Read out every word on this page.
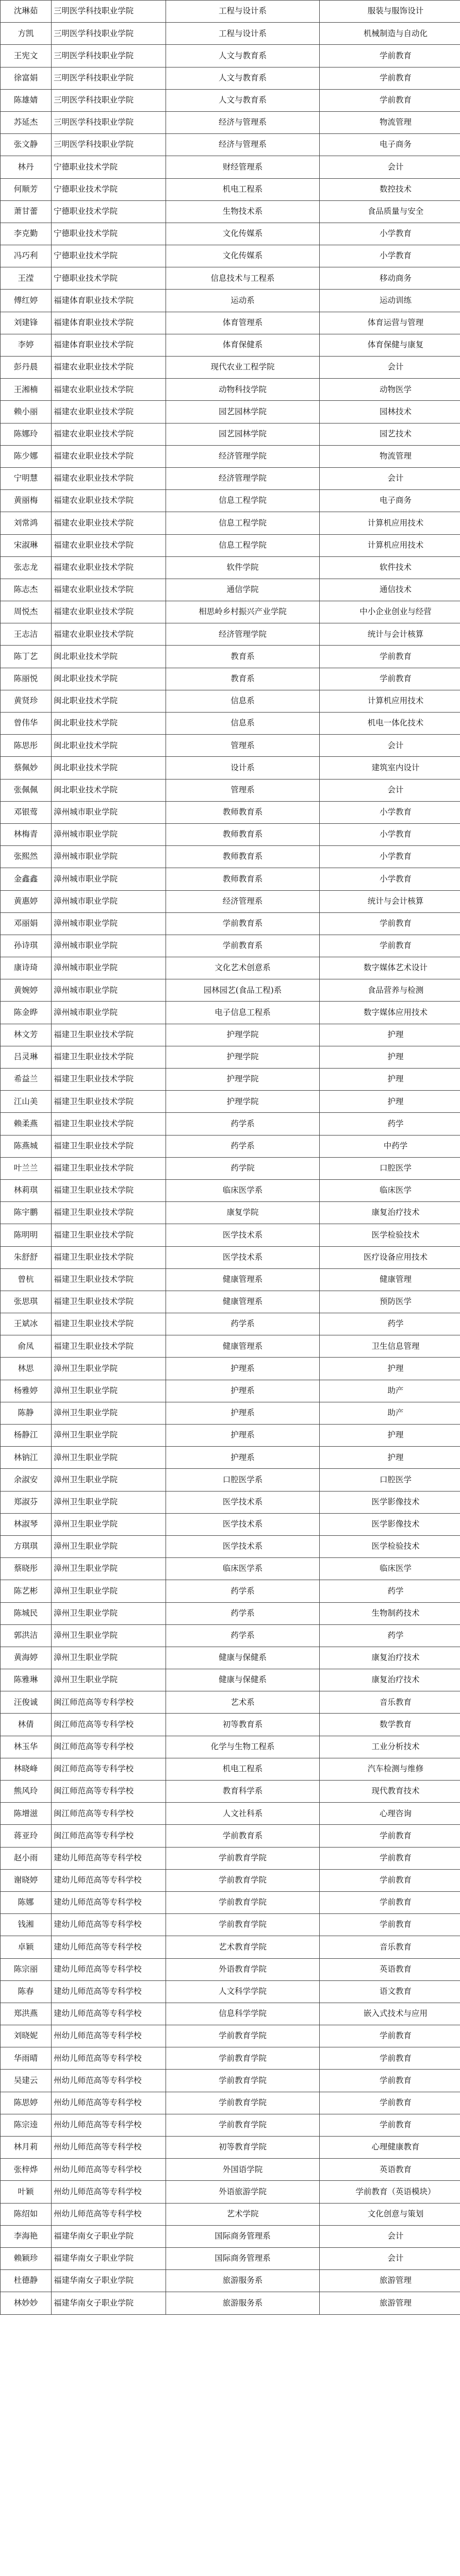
沈琳茹	三明医学科技职业学院	工程与设计系	服装与服饰设计
方凯	三明医学科技职业学院	工程与设计系	机械制造与自动化
王宪文	三明医学科技职业学院	人文与教育系	学前教育
徐富娟	三明医学科技职业学院	人文与教育系	学前教育
陈雄婧	三明医学科技职业学院	人文与教育系	学前教育
苏延杰	三明医学科技职业学院	经济与管理系	物流管理
张文静	三明医学科技职业学院	经济与管理系	电子商务
林丹	宁德职业技术学院	财经管理系	会计
何顺芳	宁德职业技术学院	机电工程系	数控技术
萧甘蕾	宁德职业技术学院	生物技术系	食品质量与安全
李克勤	宁德职业技术学院	文化传媒系	小学教育
冯巧利	宁德职业技术学院	文化传媒系	小学教育
王滢	宁德职业技术学院	信息技术与工程系	移动商务
傅红婷	福建体育职业技术学院	运动系	运动训练
刘建锋	福建体育职业技术学院	体育管理系	体育运营与管理
李婷	福建体育职业技术学院	体育保健系	体育保健与康复
彭丹晨	福建农业职业技术学院	现代农业工程学院	会计
王湘楠	福建农业职业技术学院	动物科技学院	动物医学
赖小丽	福建农业职业技术学院	园艺园林学院	园林技术
陈娜玲	福建农业职业技术学院	园艺园林学院	园艺技术
陈少娜	福建农业职业技术学院	经济管理学院	物流管理
宁明慧	福建农业职业技术学院	经济管理学院	会计
黄丽梅	福建农业职业技术学院	信息工程学院	电子商务
刘常鸿	福建农业职业技术学院	信息工程学院	计算机应用技术
宋淑琳	福建农业职业技术学院	信息工程学院	计算机应用技术
张志龙	福建农业职业技术学院	软件学院	软件技术
陈志杰	福建农业职业技术学院	通信学院	通信技术
周悦杰	福建农业职业技术学院	相思岭乡村振兴产业学院	中小企业创业与经营
王志洁	福建农业职业技术学院	经济管理学院	统计与会计核算
陈丁艺	闽北职业技术学院	教育系	学前教育
陈丽悦	闽北职业技术学院	教育系	学前教育
黄贤珍	闽北职业技术学院	信息系	计算机应用技术
曾伟华	闽北职业技术学院	信息系	机电一体化技术
陈思彤	闽北职业技术学院	管理系	会计
蔡佩妙	闽北职业技术学院	设计系	建筑室内设计
张佩佩	闽北职业技术学院	管理系	会计
邓银莺	漳州城市职业学院	教师教育系	小学教育
林梅青	漳州城市职业学院	教师教育系	小学教育
张熙然	漳州城市职业学院	教师教育系	小学教育
金鑫鑫	漳州城市职业学院	教师教育系	小学教育
黄惠婷	漳州城市职业学院	经济管理系	统计与会计核算
邓丽娟	漳州城市职业学院	学前教育系	学前教育
孙诗琪	漳州城市职业学院	学前教育系	学前教育
康诗琦	漳州城市职业学院	文化艺术创意系	数字媒体艺术设计
黄婉婷	漳州城市职业学院	园林园艺(食品工程)系	食品营养与检测
陈金晔	漳州城市职业学院	电子信息工程系	数字媒体应用技术
林文芳	福建卫生职业技术学院	护理学院	护理
吕灵琳	福建卫生职业技术学院	护理学院	护理
希益兰	福建卫生职业技术学院	护理学院	护理
江山美	福建卫生职业技术学院	护理学院	护理
赖柔燕	福建卫生职业技术学院	药学系	药学
陈燕城	福建卫生职业技术学院	药学系	中药学
叶兰兰	福建卫生职业技术学院	药学院	口腔医学
林莉琪	福建卫生职业技术学院	临床医学系	临床医学
陈宇鹏	福建卫生职业技术学院	康复学院	康复治疗技术
陈明明	福建卫生职业技术学院	医学技术系	医学检验技术
朱舒舒	福建卫生职业技术学院	医学技术系	医疗设备应用技术
曾杭	福建卫生职业技术学院	健康管理系	健康管理
张思琪	福建卫生职业技术学院	健康管理系	预防医学
王斌冰	福建卫生职业技术学院	药学系	药学
俞凤	福建卫生职业技术学院	健康管理系	卫生信息管理
林思	漳州卫生职业学院	护理系	护理
杨雅婷	漳州卫生职业学院	护理系	助产
陈静	漳州卫生职业学院	护理系	助产
杨静江	漳州卫生职业学院	护理系	护理
林钠江	漳州卫生职业学院	护理系	护理
余淑安	漳州卫生职业学院	口腔医学系	口腔医学
郑淑芬	漳州卫生职业学院	医学技术系	医学影像技术
林淑琴	漳州卫生职业学院	医学技术系	医学影像技术
方琪琪	漳州卫生职业学院	医学技术系	医学检验技术
蔡晓彤	漳州卫生职业学院	临床医学系	临床医学
陈艺彬	漳州卫生职业学院	药学系	药学
陈城民	漳州卫生职业学院	药学系	生物制药技术
郭洪洁	漳州卫生职业学院	药学系	药学
黄海婷	漳州卫生职业学院	健康与保健系	康复治疗技术
陈雅琳	漳州卫生职业学院	健康与保健系	康复治疗技术
汪俊诚	闽江师范高等专科学校	艺术系	音乐教育
林倩	闽江师范高等专科学校	初等教育系	数学教育
林玉华	闽江师范高等专科学校	化学与生物工程系	工业分析技术
林晓峰	闽江师范高等专科学校	机电工程系	汽车检测与维修
熊风玲	闽江师范高等专科学校	教育科学系	现代教育技术
陈增滋	闽江师范高等专科学校	人文社科系	心理咨询
蒋亚玲	闽江师范高等专科学校	学前教育系	学前教育
赵小雨	建幼儿师范高等专科学校	学前教育学院	学前教育
谢晓婷	建幼儿师范高等专科学校	学前教育学院	学前教育
陈娜	建幼儿师范高等专科学校	学前教育学院	学前教育
钱湘	建幼儿师范高等专科学校	学前教育学院	学前教育
卓颖	建幼儿师范高等专科学校	艺术教育学院	音乐教育
陈宗丽	建幼儿师范高等专科学校	外语教育学院	英语教育
陈春	建幼儿师范高等专科学校	人文科学学院	语文教育
郑洪燕	建幼儿师范高等专科学校	信息科学学院	嵌入式技术与应用
刘晓妮	州幼儿师范高等专科学校	学前教育学院	学前教育
华雨晴	州幼儿师范高等专科学校	学前教育学院	学前教育
吴建云	州幼儿师范高等专科学校	学前教育学院	学前教育
陈思婷	州幼儿师范高等专科学校	学前教育学院	学前教育
陈宗逵	州幼儿师范高等专科学校	学前教育学院	学前教育
林月莉	州幼儿师范高等专科学校	初等教育学院	心理健康教育
张梓烨	州幼儿师范高等专科学校	外国语学院	英语教育
叶颖	州幼儿师范高等专科学校	外语旅游学院	学前教育（英语模块）
陈绍如	州幼儿师范高等专科学校	艺术学院	文化创意与策划
李海艳	福建华南女子职业学院	国际商务管理系	会计
赖颖珍	福建华南女子职业学院	国际商务管理系	会计
杜德静	福建华南女子职业学院	旅游服务系	旅游管理
林妙妙	福建华南女子职业学院	旅游服务系	旅游管理
